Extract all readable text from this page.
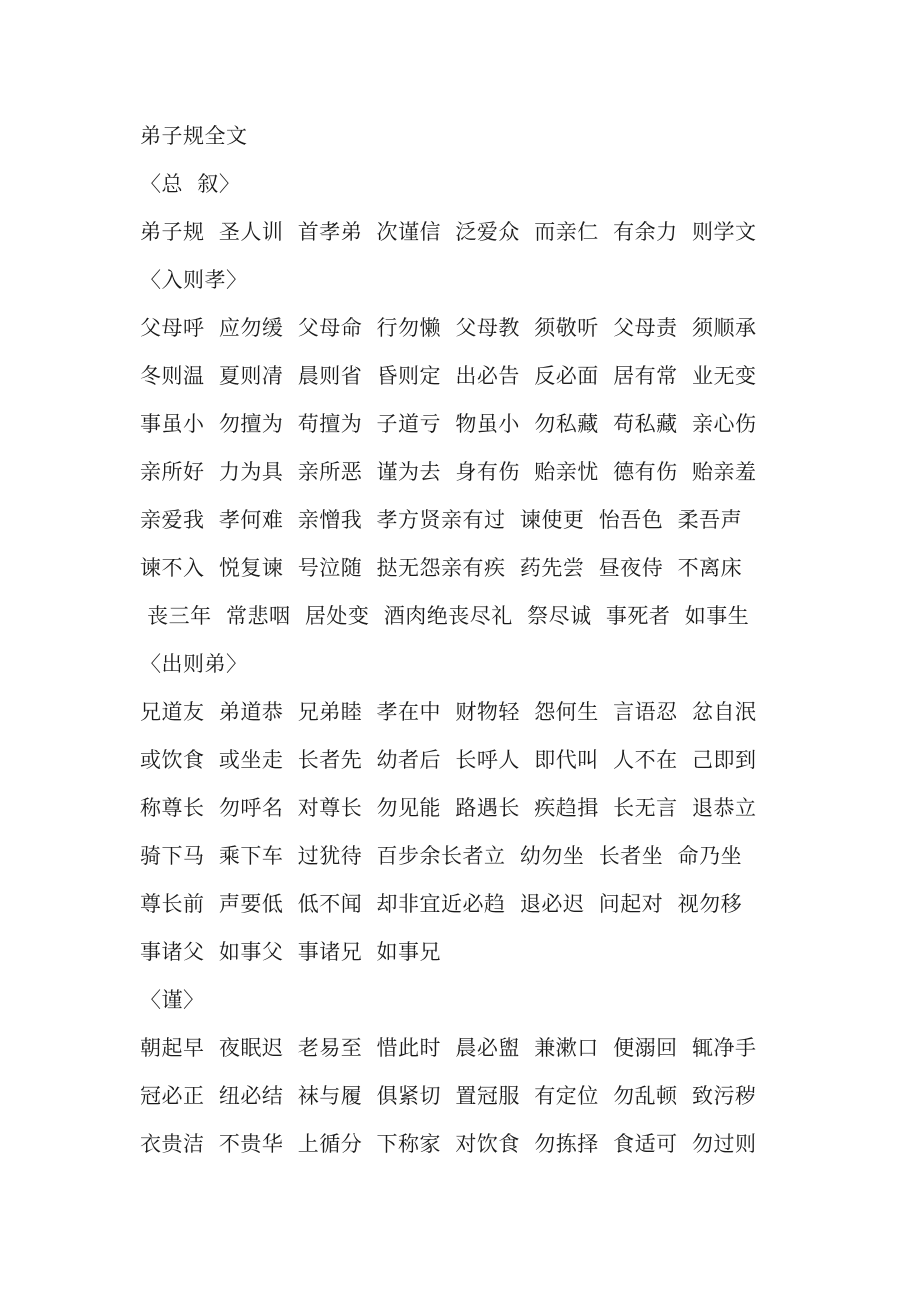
弟子规全文
〈总  叙〉
弟子规  圣人训  首孝弟  次谨信  泛爱众  而亲仁  有余力  则学文
〈入则孝〉
父母呼  应勿缓  父母命  行勿懒  父母教  须敬听  父母责  须顺承
冬则温  夏则凊  晨则省  昏则定  出必告  反必面  居有常  业无变
事虽小  勿擅为  苟擅为  子道亏  物虽小  勿私藏  苟私藏  亲心伤
亲所好  力为具  亲所恶  谨为去  身有伤  贻亲忧  德有伤  贻亲羞
亲爱我  孝何难  亲憎我  孝方贤亲有过  谏使更  怡吾色  柔吾声
谏不入  悦复谏  号泣随  挞无怨亲有疾  药先尝  昼夜侍  不离床
丧三年  常悲咽  居处变  酒肉绝丧尽礼  祭尽诚  事死者  如事生
〈出则弟〉
兄道友  弟道恭  兄弟睦  孝在中  财物轻  怨何生  言语忍  忿自泯
或饮食  或坐走  长者先  幼者后  长呼人  即代叫  人不在  己即到
称尊长  勿呼名  对尊长  勿见能  路遇长  疾趋揖  长无言  退恭立
骑下马  乘下车  过犹待  百步余长者立  幼勿坐  长者坐  命乃坐
尊长前  声要低  低不闻  却非宜近必趋  退必迟  问起对  视勿移
事诸父  如事父  事诸兄  如事兄
〈谨〉
朝起早  夜眠迟  老易至  惜此时  晨必盥  兼漱口  便溺回  辄净手
冠必正  纽必结  袜与履  俱紧切  置冠服  有定位  勿乱顿  致污秽
衣贵洁  不贵华  上循分  下称家  对饮食  勿拣择  食适可  勿过则
